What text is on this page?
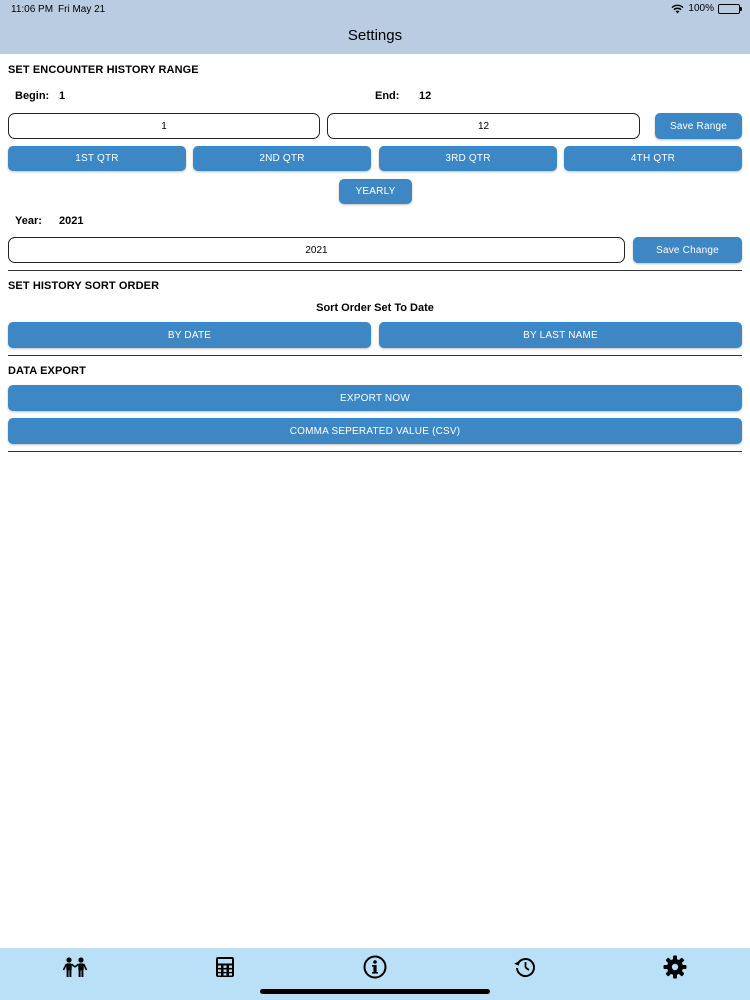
11:06 PM Fri May 21	100%
Settings
SET ENCOUNTER HISTORY RANGE
Begin: 1	End: 12
1
12
Save Range
1ST QTR	2ND QTR	3RD QTR	4TH QTR
YEARLY
Year: 2021
2021
Save Change
SET HISTORY SORT ORDER
Sort Order Set To Date
BY DATE	BY LAST NAME
DATA EXPORT
EXPORT NOW
COMMA SEPERATED VALUE (CSV)
